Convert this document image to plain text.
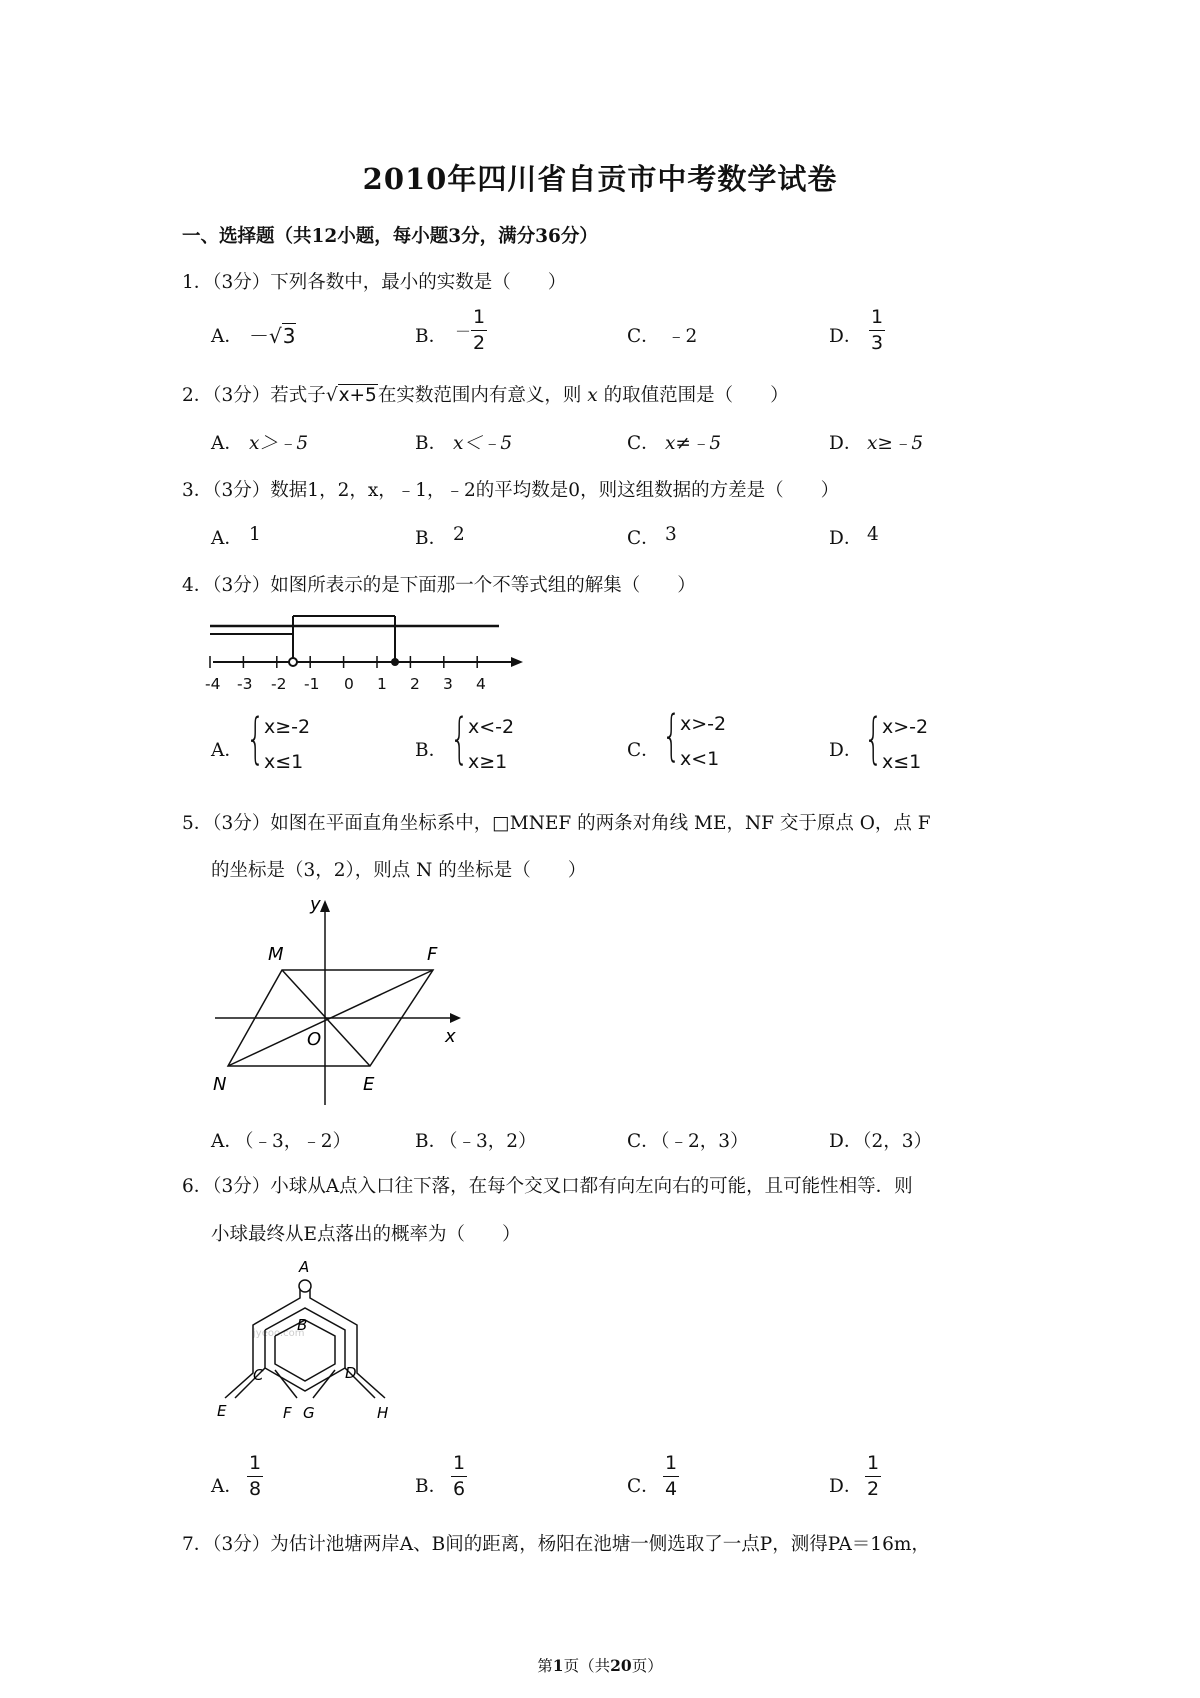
2010年四川省自贡市中考数学试卷
一、选择题（共12小题，每小题3分，满分36分）
1．（3分）下列各数中，最小的实数是（　　）
A． －√3	B． － $\frac{1}{2}$	C． ﹣2	D． $\frac{1}{3}$
2．（3分）若式子√x+5在实数范围内有意义，则 x 的取值范围是（　　）
A． x＞﹣5	B． x＜﹣5	C． x≠﹣5	D． x≥﹣5
3．（3分）数据1，2，x，﹣1，﹣2的平均数是0，则这组数据的方差是（　　）
A． 1	B． 2	C． 3	D． 4
4．（3分）如图所表示的是下面那一个不等式组的解集（　　）
-4 -3 -2 -1 0 1 2 3 4
A． { x≥-2
x≤1
B． { x<-2
x≥1
C． { x>-2
x<1	D． { x>-2
x≤1
5．（3分）如图在平面直角坐标系中，□MNEF 的两条对角线 ME，NF 交于原点 O，点 F
的坐标是（3，2），则点 N 的坐标是（　　）
y
x
M	F
O
N	E
A．
（﹣3，﹣2）	B．
（﹣3，2）	C．
（﹣2，3）	D．
（2，3）
6．（3分）小球从A点入口往下落，在每个交叉口都有向左向右的可能，且可能性相等．则
小球最终从E点落出的概率为（　　）
jyeoo.com
A
B
C	D
E	F G	H
A． $\frac{1}{8}$	B． $\frac{1}{6}$	C． $\frac{1}{4}$	D． $\frac{1}{2}$
7．（3分）为估计池塘两岸A、B间的距离，杨阳在池塘一侧选取了一点P，测得PA＝16m，
第1页（共20页）
